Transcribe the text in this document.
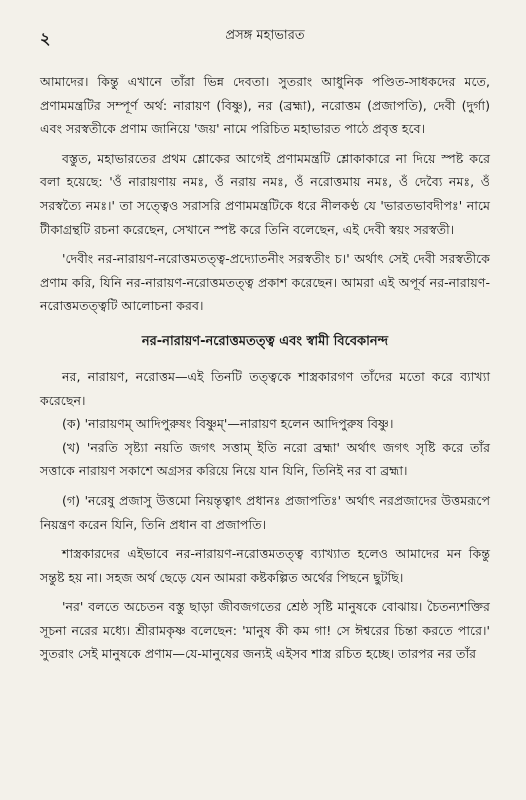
২	প্রসঙ্গ মহাভারত

আমাদের। কিন্তু এখানে তাঁরা ভিন্ন দেবতা। সুতরাং আধুনিক পণ্ডিত-সাধকদের মতে, প্রণামমন্ত্রটির সম্পূর্ণ অর্থ: নারায়ণ (বিষ্ণু), নর (ব্রহ্মা), নরোত্তম (প্রজাপতি), দেবী (দুর্গা) এবং সরস্বতীকে প্রণাম জানিয়ে 'জয়' নামে পরিচিত মহাভারত পাঠে প্রবৃত্ত হবে।

বস্তুত, মহাভারতের প্রথম শ্লোকের আগেই প্রণামমন্ত্রটি শ্লোকাকারে না দিয়ে স্পষ্ট করে বলা হয়েছে: 'ওঁ নারায়ণায় নমঃ, ওঁ নরায় নমঃ, ওঁ নরোত্তমায় নমঃ, ওঁ দেব্যৈ নমঃ, ওঁ সরস্বত্যৈ নমঃ।' তা সত্ত্বেও সরাসরি প্রণামমন্ত্রটিকে ধরে নীলকণ্ঠ যে 'ভারতভাবদীপঃ' নামে টীকাগ্রন্থটি রচনা করেছেন, সেখানে স্পষ্ট করে তিনি বলেছেন, এই দেবী স্বয়ং সরস্বতী।

'দেবীং নর-নারায়ণ-নরোত্তমতত্ত্ব-প্রদ্যোতনীং সরস্বতীং চ।' অর্থাৎ সেই দেবী সরস্বতীকে প্রণাম করি, যিনি নর-নারায়ণ-নরোত্তমতত্ত্ব প্রকাশ করেছেন। আমরা এই অপূর্ব নর-নারায়ণ-নরোত্তমতত্ত্বটি আলোচনা করব।

নর-নারায়ণ-নরোত্তমতত্ত্ব এবং স্বামী বিবেকানন্দ

নর, নারায়ণ, নরোত্তম—এই তিনটি তত্ত্বকে শাস্ত্রকারগণ তাঁদের মতো করে ব্যাখ্যা করেছেন।

(ক) 'নারায়ণম্ আদিপুরুষং বিষ্ণুম্'—নারায়ণ হলেন আদিপুরুষ বিষ্ণু।

(খ) 'নরতি সৃষ্ট্যা নয়তি জগৎ সত্তাম্ ইতি নরো ব্রহ্মা' অর্থাৎ জগৎ সৃষ্টি করে তাঁর সত্তাকে নারায়ণ সকাশে অগ্রসর করিয়ে নিয়ে যান যিনি, তিনিই নর বা ব্রহ্মা।

(গ) 'নরেষু প্রজাসু উত্তমো নিয়ন্তৃত্বাৎ প্রধানঃ প্রজাপতিঃ' অর্থাৎ নরপ্রজাদের উত্তমরূপে নিয়ন্ত্রণ করেন যিনি, তিনি প্রধান বা প্রজাপতি।

শাস্ত্রকারদের এইভাবে নর-নারায়ণ-নরোত্তমতত্ত্ব ব্যাখ্যাত হলেও আমাদের মন কিন্তু সন্তুষ্ট হয় না। সহজ অর্থ ছেড়ে যেন আমরা কষ্টকল্পিত অর্থের পিছনে ছুটছি।

'নর' বলতে অচেতন বস্তু ছাড়া জীবজগতের শ্রেষ্ঠ সৃষ্টি মানুষকে বোঝায়। চৈতন্যশক্তির সূচনা নরের মধ্যে। শ্রীরামকৃষ্ণ বলেছেন: 'মানুষ কী কম গা! সে ঈশ্বরের চিন্তা করতে পারে।' সুতরাং সেই মানুষকে প্রণাম—যে-মানুষের জন্যই এইসব শাস্ত্র রচিত হচ্ছে। তারপর নর তাঁর
